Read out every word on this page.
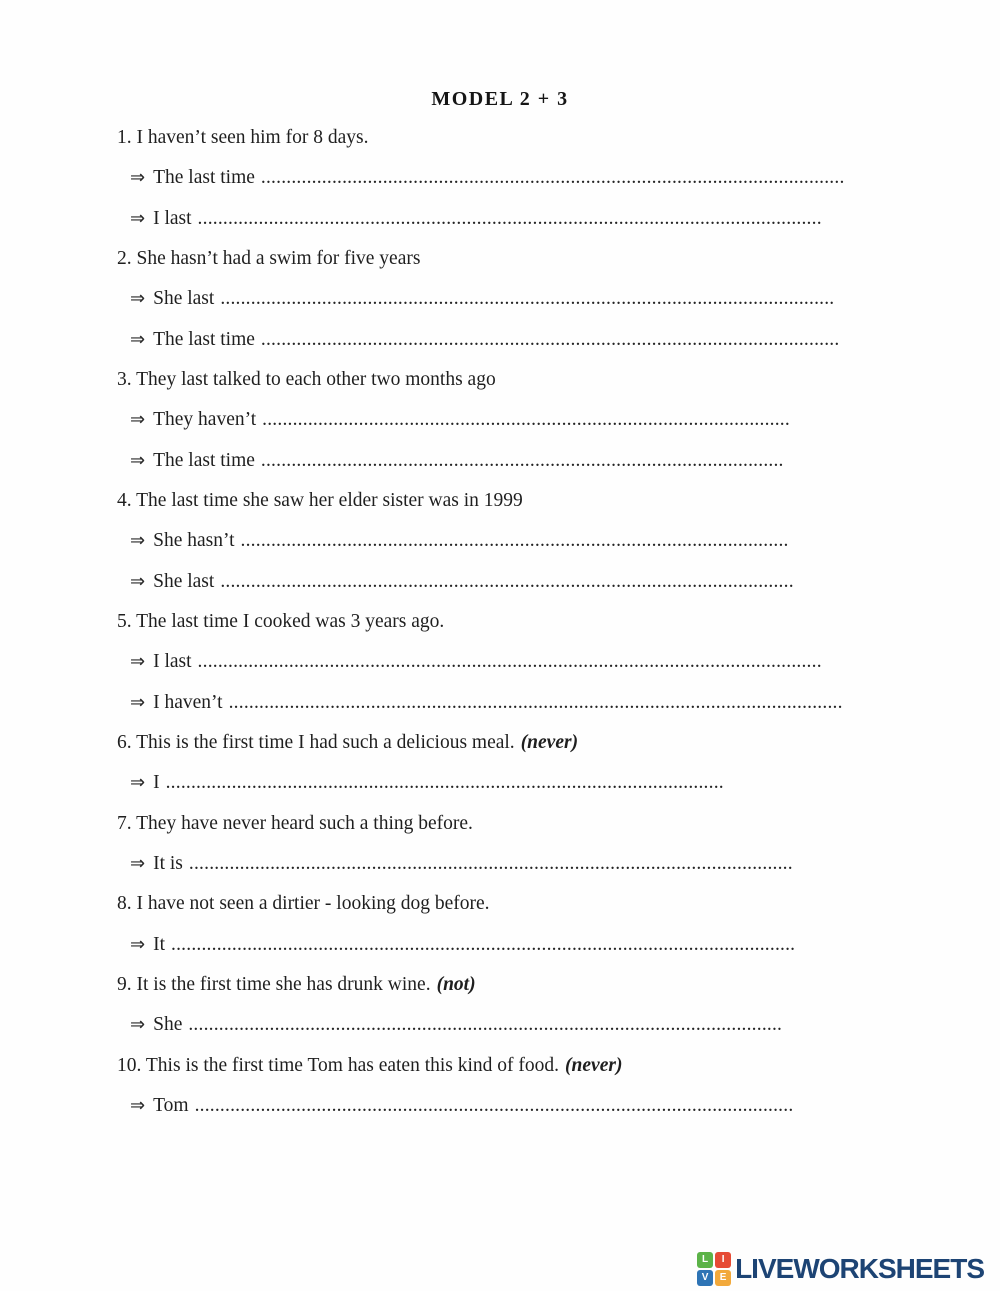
MODEL 2 + 3
1. I haven’t seen him for 8 days.
⇒ The last time ...................................................................................................................
⇒ I last ...........................................................................................................................
2. She hasn’t had a swim for five years
⇒ She last .........................................................................................................................
⇒ The last time ..................................................................................................................
3. They last talked to each other two months ago
⇒ They haven’t ........................................................................................................
⇒ The last time .......................................................................................................
4. The last time she saw her elder sister was in 1999
⇒ She hasn’t ............................................................................................................
⇒ She last .................................................................................................................
5. The last time I cooked was 3 years ago.
⇒ I last ...........................................................................................................................
⇒ I haven’t .........................................................................................................................
6. This is the first time I had such a delicious meal. (never)
⇒ I ..............................................................................................................
7. They have never heard such a thing before.
⇒ It is .......................................................................................................................
8. I have not seen a dirtier - looking dog before.
⇒ It ...........................................................................................................................
9. It is the first time she has drunk wine. (not)
⇒ She .....................................................................................................................
10. This is the first time Tom has eaten this kind of food. (never)
⇒ Tom ......................................................................................................................
L	I
V	E LIVEWORKSHEETS
